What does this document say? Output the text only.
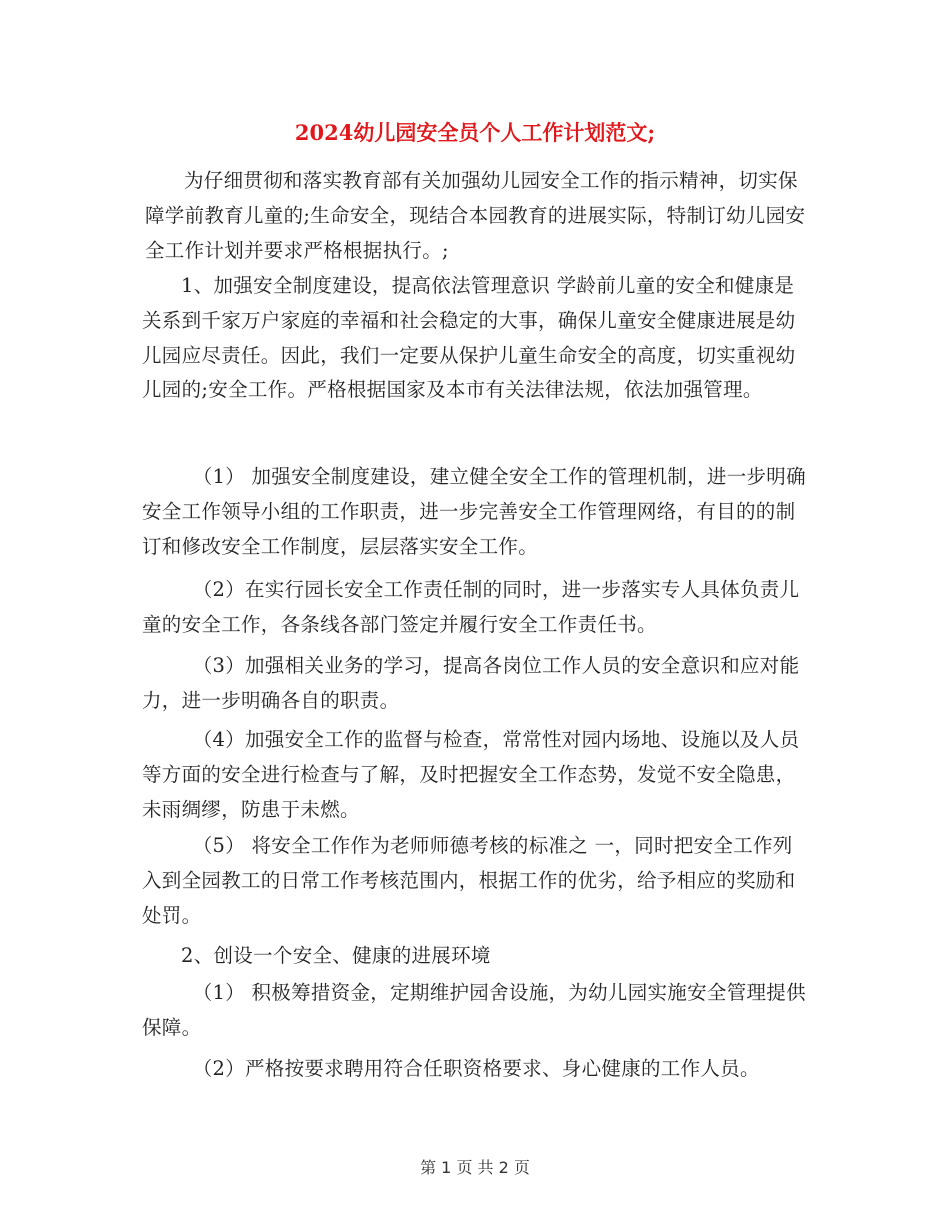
2024幼儿园安全员个人工作计划范文;

为仔细贯彻和落实教育部有关加强幼儿园安全工作的指示精神，切实保障学前教育儿童的;生命安全，现结合本园教育的进展实际，特制订幼儿园安全工作计划并要求严格根据执行。;

1、加强安全制度建设，提高依法管理意识 学龄前儿童的安全和健康是关系到千家万户家庭的幸福和社会稳定的大事，确保儿童安全健康进展是幼儿园应尽责任。因此，我们一定要从保护儿童生命安全的高度，切实重视幼儿园的;安全工作。严格根据国家及本市有关法律法规，依法加强管理。

（1） 加强安全制度建设，建立健全安全工作的管理机制，进一步明确安全工作领导小组的工作职责，进一步完善安全工作管理网络，有目的的制订和修改安全工作制度，层层落实安全工作。

（2）在实行园长安全工作责任制的同时，进一步落实专人具体负责儿童的安全工作，各条线各部门签定并履行安全工作责任书。

（3）加强相关业务的学习，提高各岗位工作人员的安全意识和应对能力，进一步明确各自的职责。

（4）加强安全工作的监督与检查，常常性对园内场地、设施以及人员等方面的安全进行检查与了解，及时把握安全工作态势，发觉不安全隐患，未雨绸缪，防患于未燃。

（5） 将安全工作作为老师师德考核的标准之 一，同时把安全工作列入到全园教工的日常工作考核范围内，根据工作的优劣，给予相应的奖励和处罚。

2、创设一个安全、健康的进展环境

（1） 积极筹措资金，定期维护园舍设施，为幼儿园实施安全管理提供保障。

（2）严格按要求聘用符合任职资格要求、身心健康的工作人员。

第 1 页 共 2 页
